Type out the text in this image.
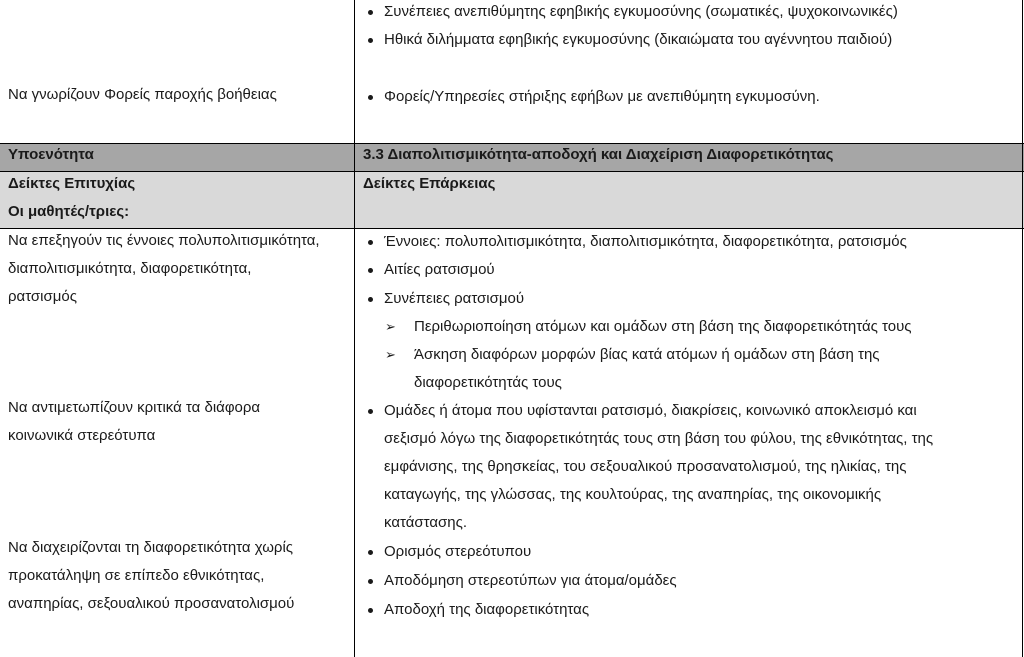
Συνέπειες ανεπιθύμητης εφηβικής εγκυμοσύνης (σωματικές, ψυχοκοινωνικές)
Ηθικά διλήμματα εφηβικής εγκυμοσύνης (δικαιώματα του αγέννητου παιδιού)
Να γνωρίζουν Φορείς παροχής βοήθειας	Φορείς/Υπηρεσίες στήριξης εφήβων με ανεπιθύμητη εγκυμοσύνη.
Υποενότητα	3.3 Διαπολιτισμικότητα-αποδοχή και Διαχείριση Διαφορετικότητας
Δείκτες Επιτυχίας
Οι μαθητές/τριες:
Δείκτες Επάρκειας
Να επεξηγούν τις έννοιες πολυπολιτισμικότητα,
διαπολιτισμικότητα, διαφορετικότητα,
ρατσισμός
Να αντιμετωπίζουν κριτικά τα διάφορα
κοινωνικά στερεότυπα
Να διαχειρίζονται τη διαφορετικότητα χωρίς
προκατάληψη σε επίπεδο εθνικότητας,
αναπηρίας, σεξουαλικού προσανατολισμού
Έννοιες: πολυπολιτισμικότητα, διαπολιτισμικότητα, διαφορετικότητα, ρατσισμός
Αιτίες ρατσισμού
Συνέπειες ρατσισμού
➢ Περιθωριοποίηση ατόμων και ομάδων στη βάση της διαφορετικότητάς τους
➢ Άσκηση διαφόρων μορφών βίας κατά ατόμων ή ομάδων στη βάση της
διαφορετικότητάς τους
Ομάδες ή άτομα που υφίστανται ρατσισμό, διακρίσεις, κοινωνικό αποκλεισμό και
σεξισμό λόγω της διαφορετικότητάς τους στη βάση του φύλου, της εθνικότητας, της
εμφάνισης, της θρησκείας, του σεξουαλικού προσανατολισμού, της ηλικίας, της
καταγωγής, της γλώσσας, της κουλτούρας, της αναπηρίας, της οικονομικής
κατάστασης.
Ορισμός στερεότυπου
Αποδόμηση στερεοτύπων για άτομα/ομάδες
Αποδοχή της διαφορετικότητας
